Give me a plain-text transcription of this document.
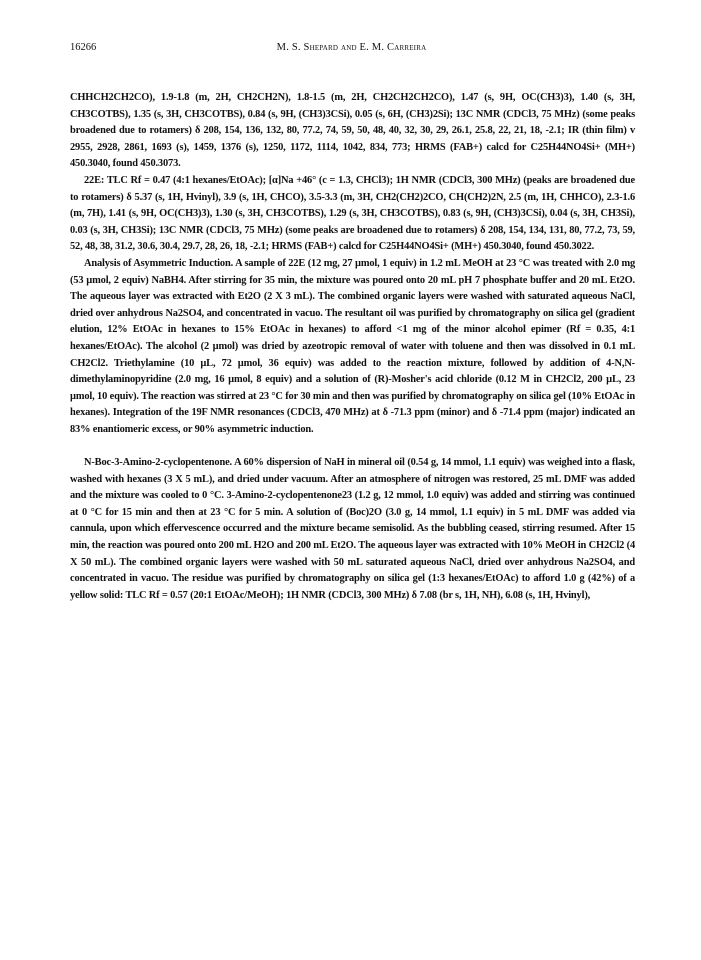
16266	M. S. Shepard and E. M. Carreira

CHHCH2CH2CO), 1.9-1.8 (m, 2H, CH2CH2N), 1.8-1.5 (m, 2H, CH2CH2CH2CO), 1.47 (s, 9H, OC(CH3)3), 1.40 (s, 3H, CH3COTBS), 1.35 (s, 3H, CH3COTBS), 0.84 (s, 9H, (CH3)3CSi), 0.05 (s, 6H, (CH3)2Si); 13C NMR (CDCl3, 75 MHz) (some peaks broadened due to rotamers) δ 208, 154, 136, 132, 80, 77.2, 74, 59, 50, 48, 40, 32, 30, 29, 26.1, 25.8, 22, 21, 18, -2.1; IR (thin film) v 2955, 2928, 2861, 1693 (s), 1459, 1376 (s), 1250, 1172, 1114, 1042, 834, 773; HRMS (FAB+) calcd for C25H44NO4Si+ (MH+) 450.3040, found 450.3073.

22E: TLC Rf = 0.47 (4:1 hexanes/EtOAc); [α]Na +46° (c = 1.3, CHCl3); 1H NMR (CDCl3, 300 MHz) (peaks are broadened due to rotamers) δ 5.37 (s, 1H, Hvinyl), 3.9 (s, 1H, CHCO), 3.5-3.3 (m, 3H, CH2(CH2)2CO, CH(CH2)2N, 2.5 (m, 1H, CHHCO), 2.3-1.6 (m, 7H), 1.41 (s, 9H, OC(CH3)3), 1.30 (s, 3H, CH3COTBS), 1.29 (s, 3H, CH3COTBS), 0.83 (s, 9H, (CH3)3CSi), 0.04 (s, 3H, CH3Si), 0.03 (s, 3H, CH3Si); 13C NMR (CDCl3, 75 MHz) (some peaks are broadened due to rotamers) δ 208, 154, 134, 131, 80, 77.2, 73, 59, 52, 48, 38, 31.2, 30.6, 30.4, 29.7, 28, 26, 18, -2.1; HRMS (FAB+) calcd for C25H44NO4Si+ (MH+) 450.3040, found 450.3022.

Analysis of Asymmetric Induction. A sample of 22E (12 mg, 27 µmol, 1 equiv) in 1.2 mL MeOH at 23 °C was treated with 2.0 mg (53 µmol, 2 equiv) NaBH4. After stirring for 35 min, the mixture was poured onto 20 mL pH 7 phosphate buffer and 20 mL Et2O. The aqueous layer was extracted with Et2O (2 X 3 mL). The combined organic layers were washed with saturated aqueous NaCl, dried over anhydrous Na2SO4, and concentrated in vacuo. The resultant oil was purified by chromatography on silica gel (gradient elution, 12% EtOAc in hexanes to 15% EtOAc in hexanes) to afford <1 mg of the minor alcohol epimer (Rf = 0.35, 4:1 hexanes/EtOAc). The alcohol (2 µmol) was dried by azeotropic removal of water with toluene and then was dissolved in 0.1 mL CH2Cl2. Triethylamine (10 µL, 72 µmol, 36 equiv) was added to the reaction mixture, followed by addition of 4-N,N-dimethylaminopyridine (2.0 mg, 16 µmol, 8 equiv) and a solution of (R)-Mosher's acid chloride (0.12 M in CH2Cl2, 200 µL, 23 µmol, 10 equiv). The reaction was stirred at 23 °C for 30 min and then was purified by chromatography on silica gel (10% EtOAc in hexanes). Integration of the 19F NMR resonances (CDCl3, 470 MHz) at δ -71.3 ppm (minor) and δ -71.4 ppm (major) indicated an 83% enantiomeric excess, or 90% asymmetric induction.

N-Boc-3-Amino-2-cyclopentenone. A 60% dispersion of NaH in mineral oil (0.54 g, 14 mmol, 1.1 equiv) was weighed into a flask, washed with hexanes (3 X 5 mL), and dried under vacuum. After an atmosphere of nitrogen was restored, 25 mL DMF was added and the mixture was cooled to 0 °C. 3-Amino-2-cyclopentenone23 (1.2 g, 12 mmol, 1.0 equiv) was added and stirring was continued at 0 °C for 15 min and then at 23 °C for 5 min. A solution of (Boc)2O (3.0 g, 14 mmol, 1.1 equiv) in 5 mL DMF was added via cannula, upon which effervescence occurred and the mixture became semisolid. As the bubbling ceased, stirring resumed. After 15 min, the reaction was poured onto 200 mL H2O and 200 mL Et2O. The aqueous layer was extracted with 10% MeOH in CH2Cl2 (4 X 50 mL). The combined organic layers were washed with 50 mL saturated aqueous NaCl, dried over anhydrous Na2SO4, and concentrated in vacuo. The residue was purified by chromatography on silica gel (1:3 hexanes/EtOAc) to afford 1.0 g (42%) of a yellow solid: TLC Rf = 0.57 (20:1 EtOAc/MeOH); 1H NMR (CDCl3, 300 MHz) δ 7.08 (br s, 1H, NH), 6.08 (s, 1H, Hvinyl),
